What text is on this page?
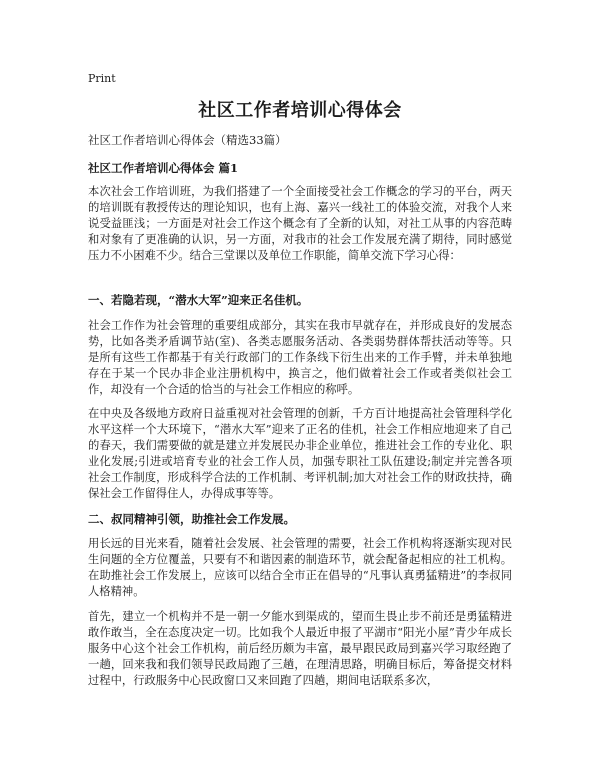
Print
社区工作者培训心得体会
社区工作者培训心得体会（精选33篇）
社区工作者培训心得体会 篇1
本次社会工作培训班，为我们搭建了一个全面接受社会工作概念的学习的平台，两天的培训既有教授传达的理论知识，也有上海、嘉兴一线社工的体验交流，对我个人来说受益匪浅；一方面是对社会工作这个概念有了全新的认知，对社工从事的内容范畴和对象有了更准确的认识，另一方面，对我市的社会工作发展充满了期待，同时感觉压力不小困难不少。结合三堂课以及单位工作职能，简单交流下学习心得：
一、若隐若现，“潜水大军”迎来正名佳机。
社会工作作为社会管理的重要组成部分，其实在我市早就存在，并形成良好的发展态势，比如各类矛盾调节站(室)、各类志愿服务活动、各类弱势群体帮扶活动等等。只是所有这些工作都基于有关行政部门的工作条线下衍生出来的工作手臂，并未单独地存在于某一个民办非企业注册机构中，换言之，他们做着社会工作或者类似社会工作，却没有一个合适的恰当的与社会工作相应的称呼。
在中央及各级地方政府日益重视对社会管理的创新，千方百计地提高社会管理科学化水平这样一个大环境下，“潜水大军”迎来了正名的佳机，社会工作相应地迎来了自己的春天，我们需要做的就是建立并发展民办非企业单位，推进社会工作的专业化、职业化发展;引进或培育专业的社会工作人员，加强专职社工队伍建设;制定并完善各项社会工作制度，形成科学合法的工作机制、考评机制;加大对社会工作的财政扶持，确保社会工作留得住人，办得成事等等。
二、叔同精神引领，助推社会工作发展。
用长远的目光来看，随着社会发展、社会管理的需要，社会工作机构将逐渐实现对民生问题的全方位覆盖，只要有不和谐因素的制造环节，就会配备起相应的社工机构。在助推社会工作发展上，应该可以结合全市正在倡导的“凡事认真勇猛精进”的李叔同人格精神。
首先，建立一个机构并不是一朝一夕能水到渠成的，望而生畏止步不前还是勇猛精进敢作敢当，全在态度决定一切。比如我个人最近申报了平湖市“阳光小屋”青少年成长服务中心这个社会工作机构，前后经历颇为丰富，最早跟民政局到嘉兴学习取经跑了一趟，回来我和我们领导民政局跑了三趟，在理清思路，明确目标后，筹备提交材料过程中，行政服务中心民政窗口又来回跑了四趟，期间电话联系多次，
